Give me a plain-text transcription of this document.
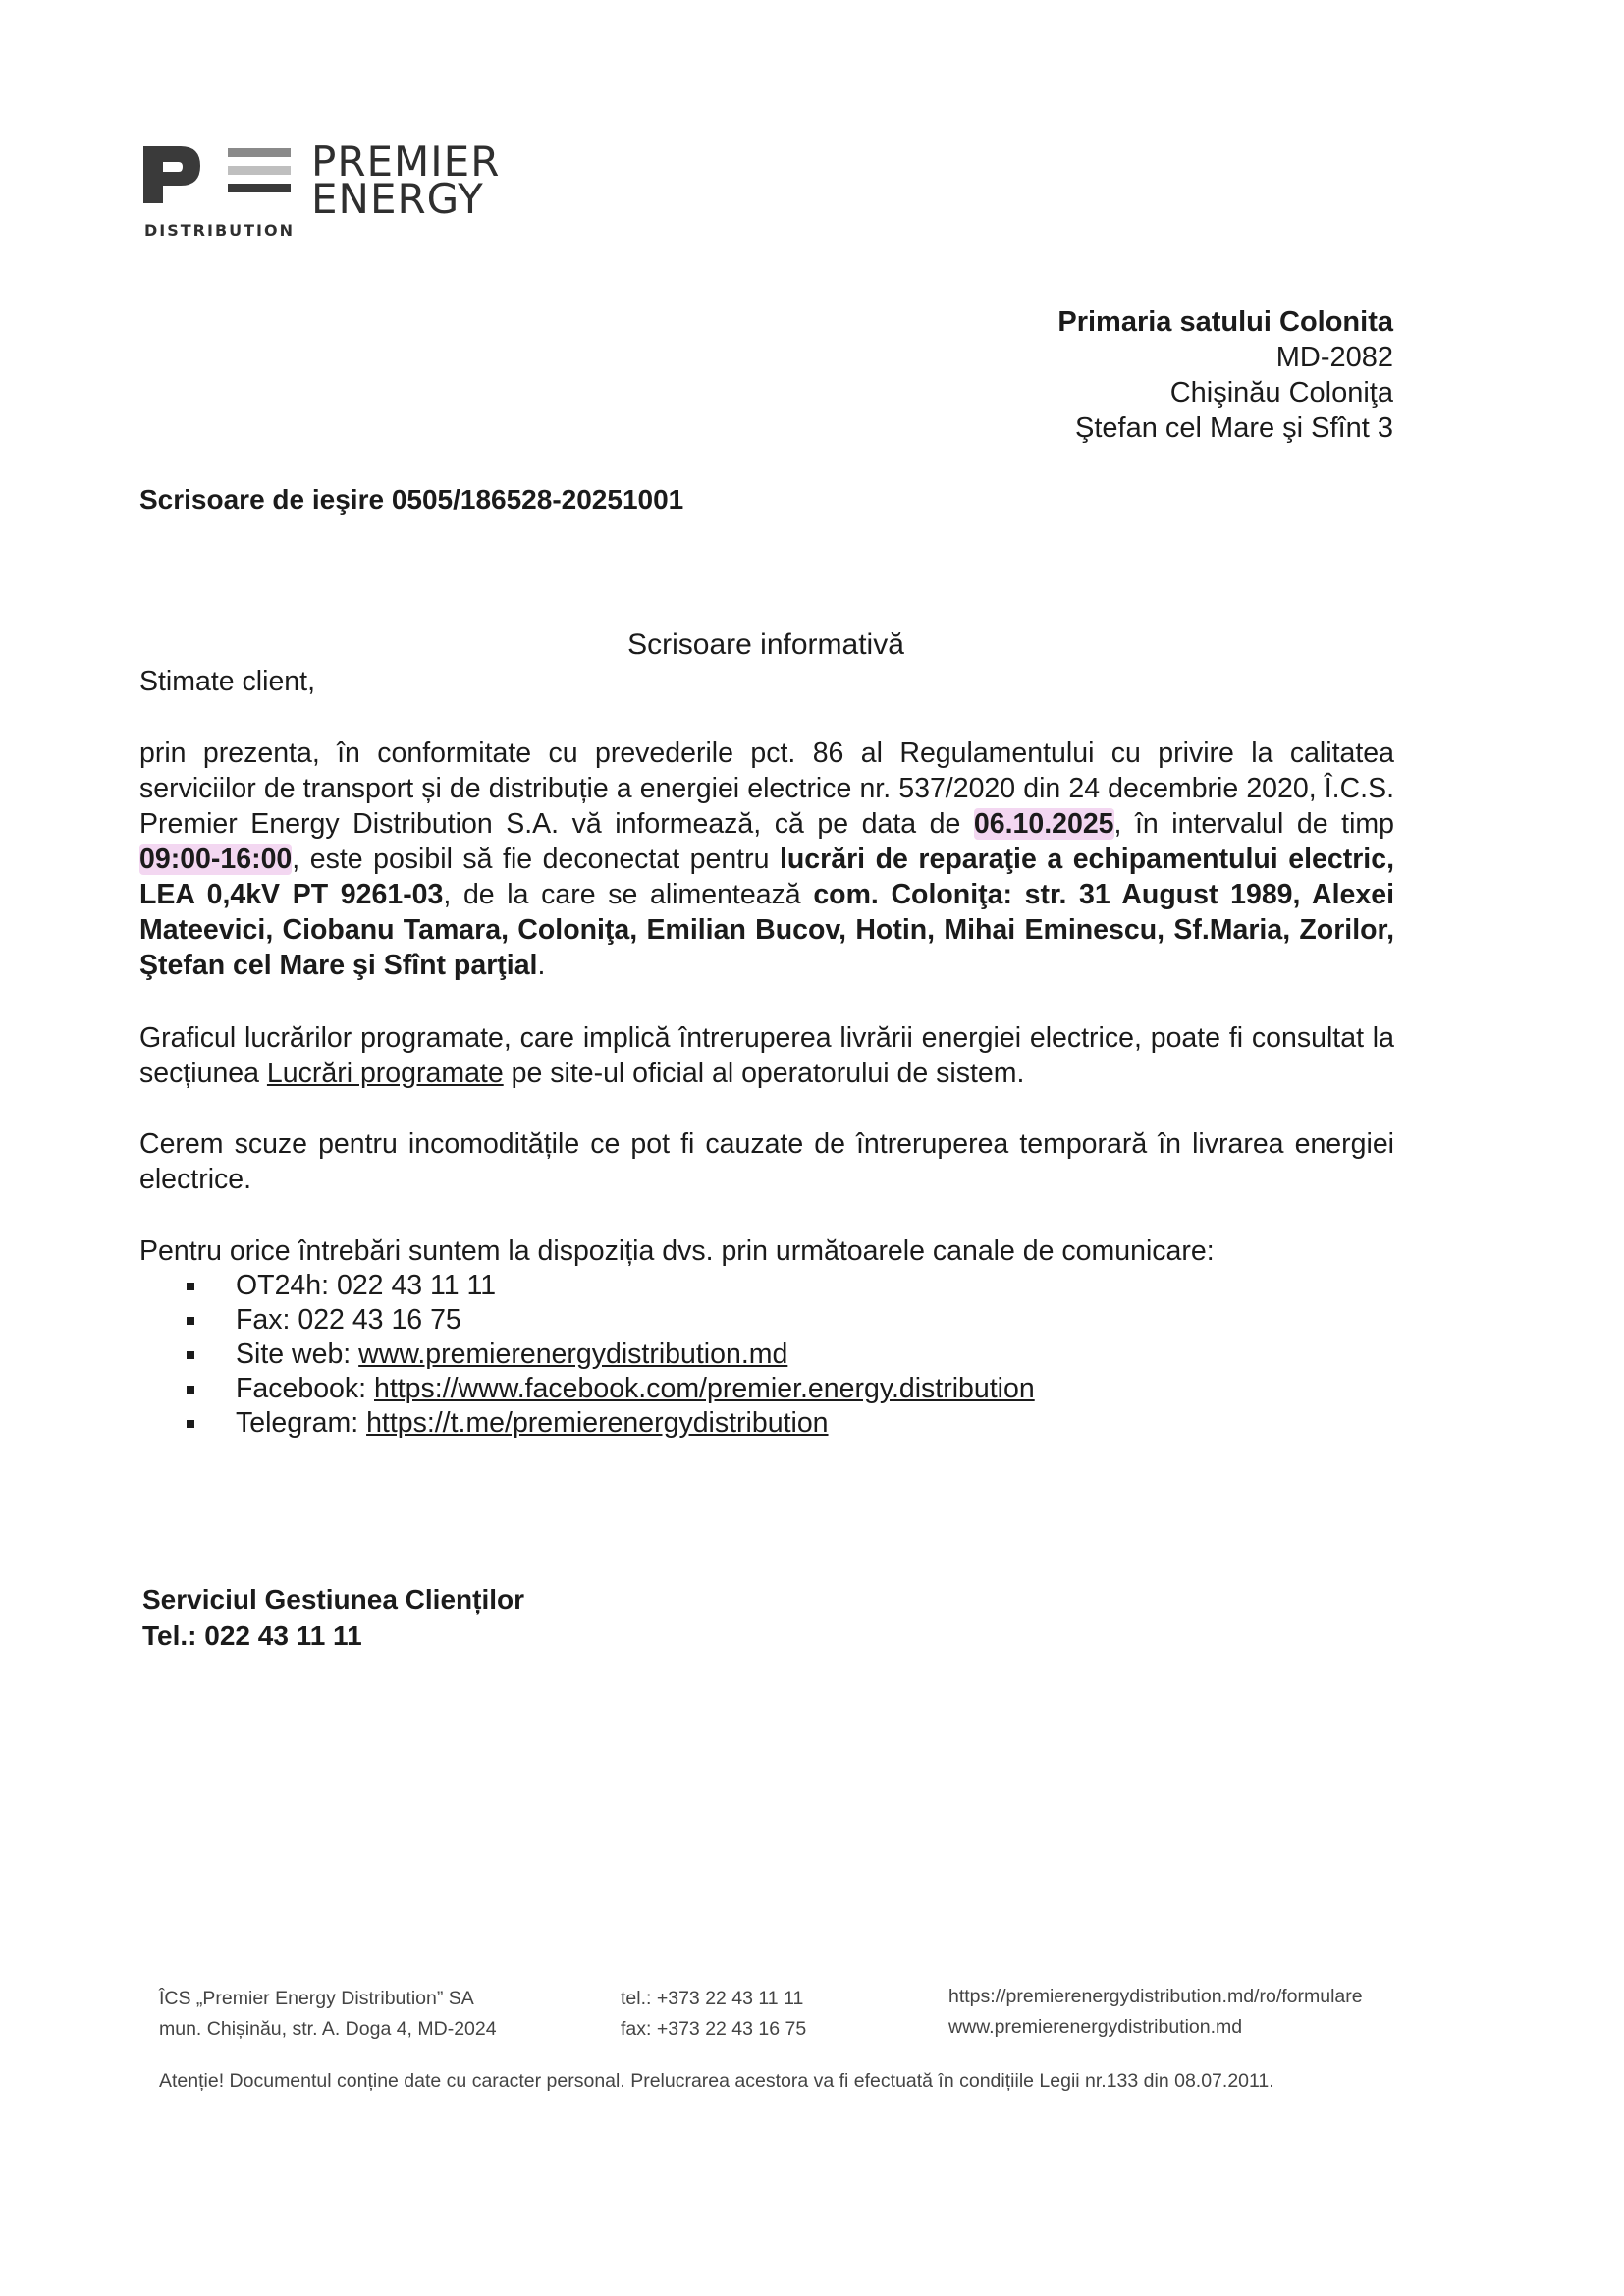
PREMIER
ENERGY
DISTRIBUTION
Primaria satului Colonita
MD-2082
Chişinău Coloniţa
Ştefan cel Mare şi Sfînt 3
Scrisoare de ieşire 0505/186528-20251001
Scrisoare informativă
Stimate client,
prin prezenta, în conformitate cu prevederile pct. 86 al Regulamentului cu privire la calitatea serviciilor de transport și de distribuție a energiei electrice nr. 537/2020 din 24 decembrie 2020, Î.C.S. Premier Energy Distribution S.A. vă informează, că pe data de 06.10.2025, în intervalul de timp 09:00-16:00, este posibil să fie deconectat pentru lucrări de reparaţie a echipamentului electric, LEA 0,4kV PT 9261-03, de la care se alimentează com. Coloniţa: str. 31 August 1989, Alexei Mateevici, Ciobanu Tamara, Coloniţa, Emilian Bucov, Hotin, Mihai Eminescu, Sf.Maria, Zorilor, Ştefan cel Mare şi Sfînt parţial.
Graficul lucrărilor programate, care implică întreruperea livrării energiei electrice, poate fi consultat la secțiunea Lucrări programate pe site-ul oficial al operatorului de sistem.
Cerem scuze pentru incomoditățile ce pot fi cauzate de întreruperea temporară în livrarea energiei electrice.
Pentru orice întrebări suntem la dispoziția dvs. prin următoarele canale de comunicare:
OT24h: 022 43 11 11
Fax: 022 43 16 75
Site web: www.premierenergydistribution.md
Facebook: https://www.facebook.com/premier.energy.distribution
Telegram: https://t.me/premierenergydistribution
Serviciul Gestiunea Clienților
Tel.: 022 43 11 11
ÎCS „Premier Energy Distribution” SA
mun. Chișinău, str. A. Doga 4, MD-2024
tel.: +373 22 43 11 11
fax: +373 22 43 16 75
https://premierenergydistribution.md/ro/formulare
www.premierenergydistribution.md
Atenție! Documentul conține date cu caracter personal. Prelucrarea acestora va fi efectuată în condițiile Legii nr.133 din 08.07.2011.
